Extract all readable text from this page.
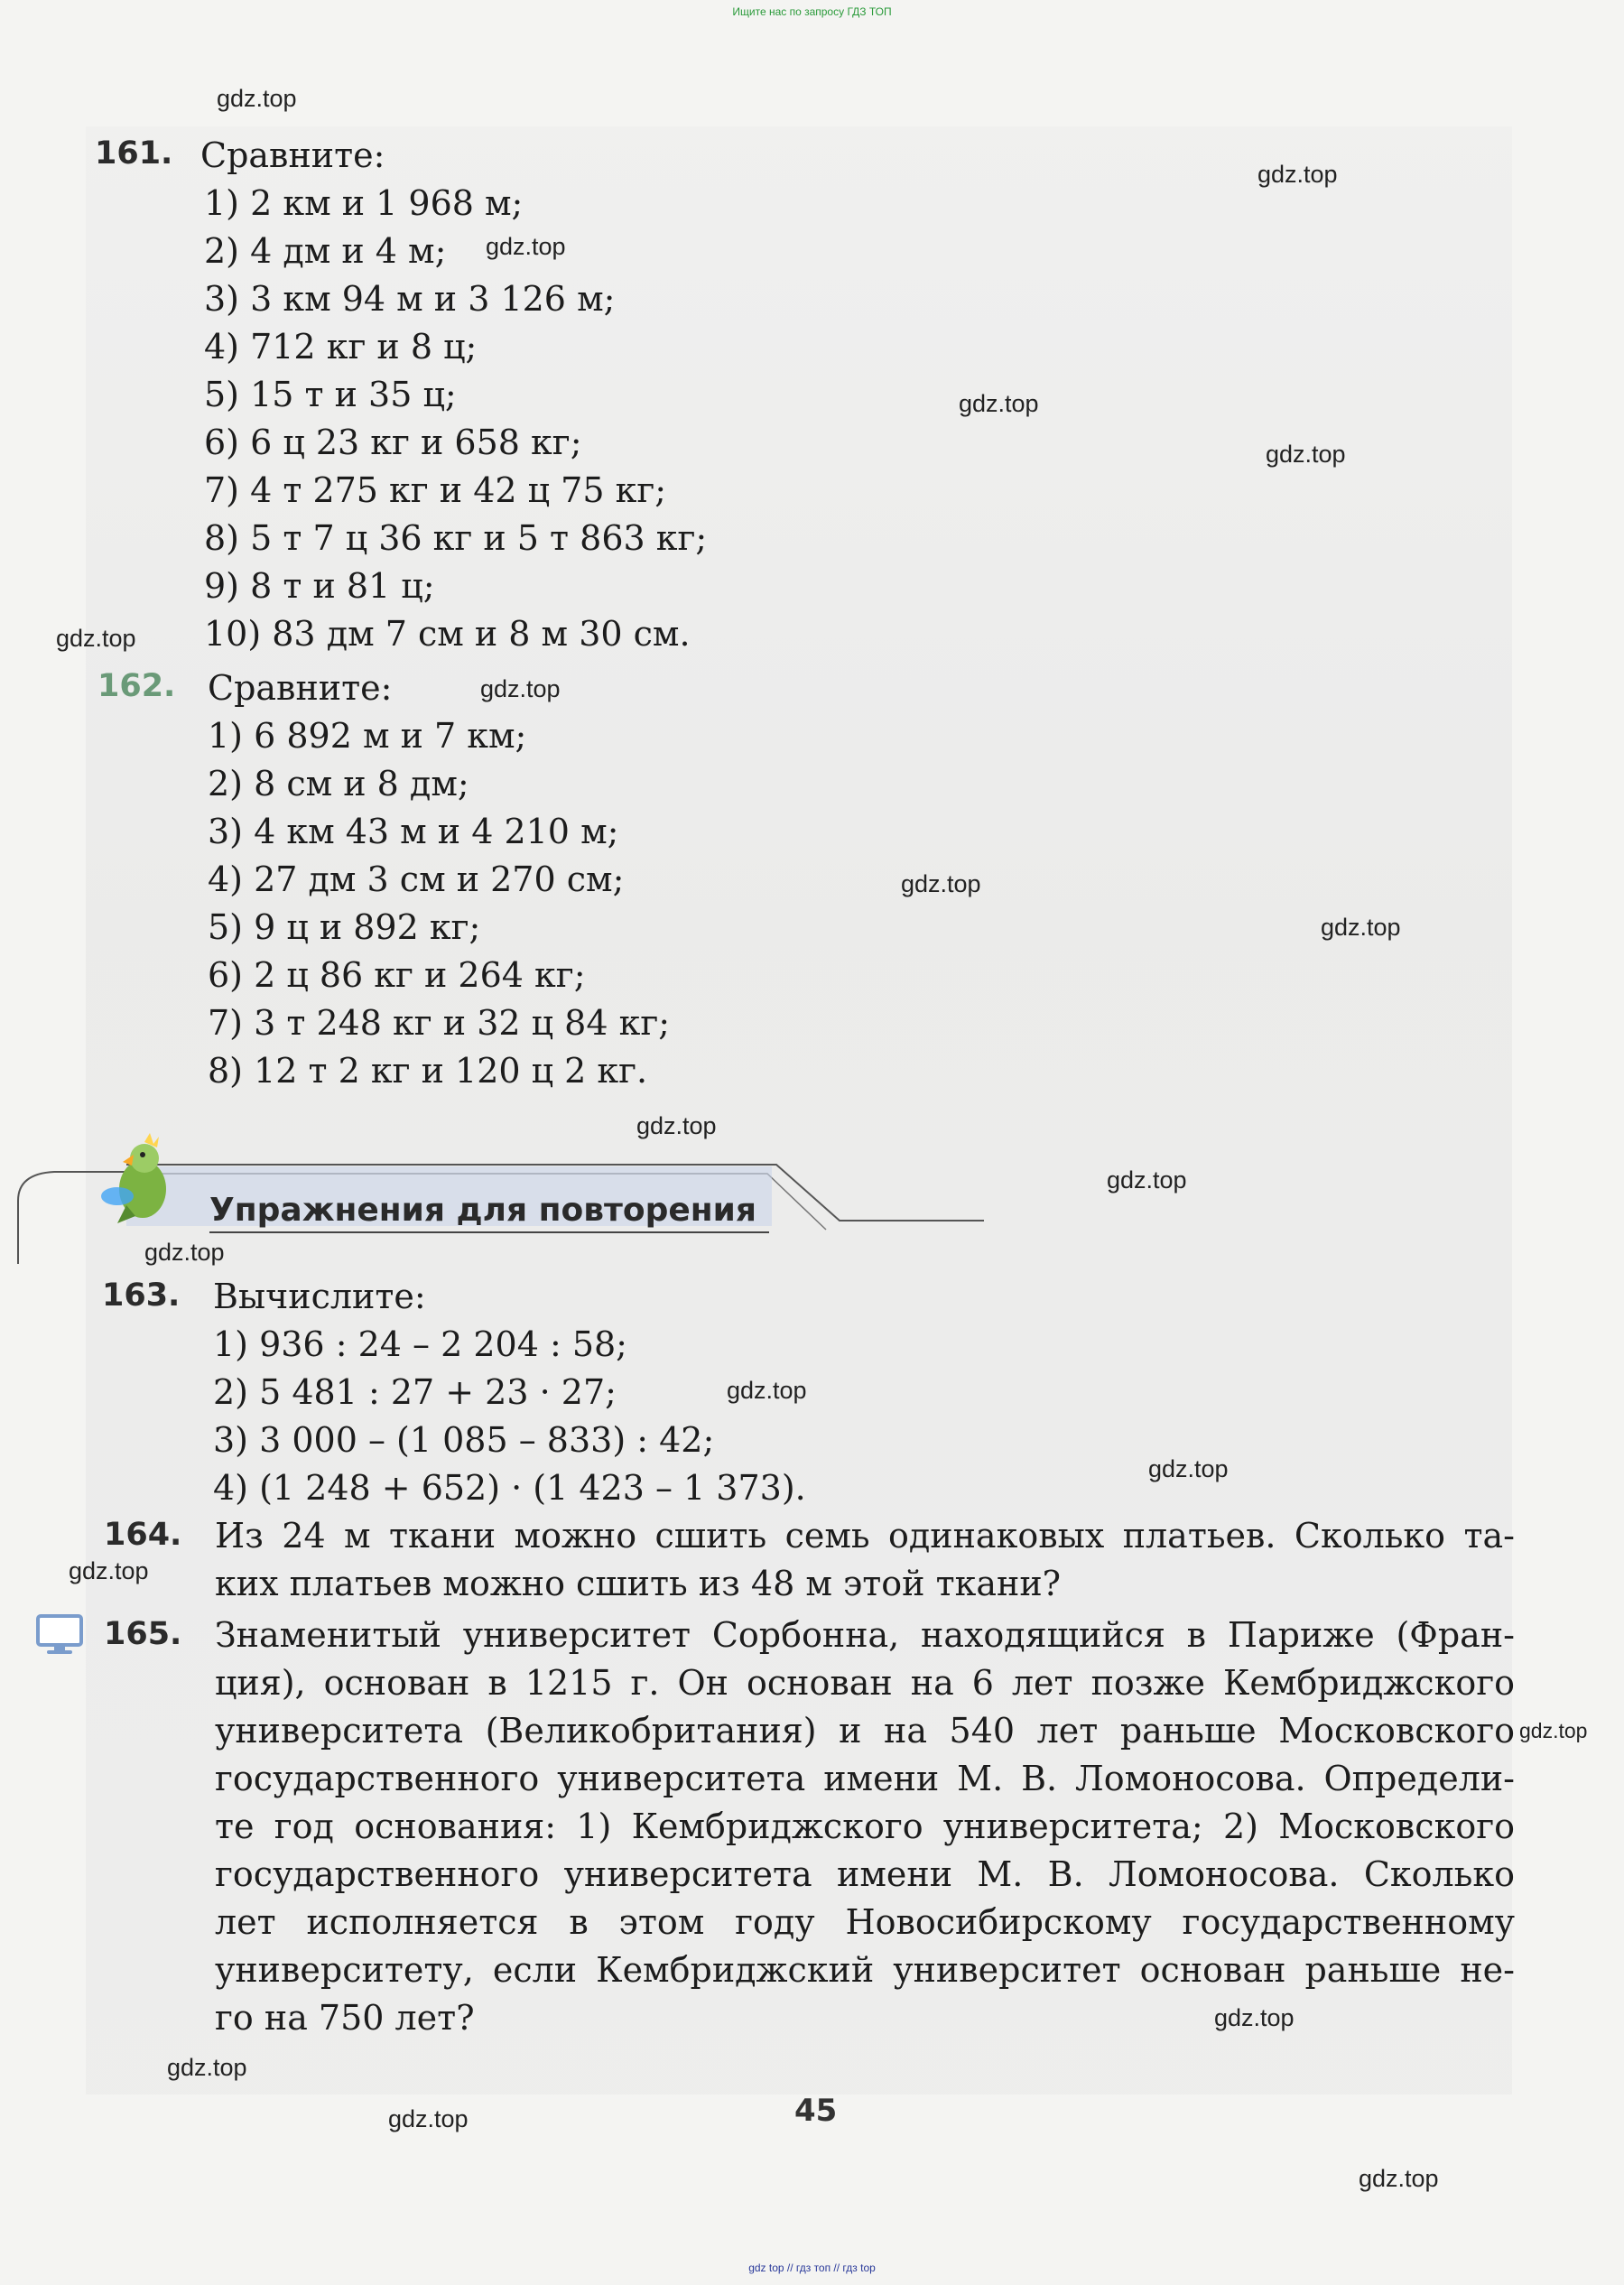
Ищите нас по запросу ГДЗ ТОП
161. Сравните:
1) 2 км и 1 968 м;
2) 4 дм и 4 м;
3) 3 км 94 м и 3 126 м;
4) 712 кг и 8 ц;
5) 15 т и 35 ц;
6) 6 ц 23 кг и 658 кг;
7) 4 т 275 кг и 42 ц 75 кг;
8) 5 т 7 ц 36 кг и 5 т 863 кг;
9) 8 т и 81 ц;
10) 83 дм 7 см и 8 м 30 см.
162. Сравните:
1) 6 892 м и 7 км;
2) 8 см и 8 дм;
3) 4 км 43 м и 4 210 м;
4) 27 дм 3 см и 270 см;
5) 9 ц и 892 кг;
6) 2 ц 86 кг и 264 кг;
7) 3 т 248 кг и 32 ц 84 кг;
8) 12 т 2 кг и 120 ц 2 кг.
Упражнения для повторения
163. Вычислите:
1) 936 : 24 – 2 204 : 58;
2) 5 481 : 27 + 23 · 27;
3) 3 000 – (1 085 – 833) : 42;
4) (1 248 + 652) · (1 423 – 1 373).
164. Из 24 м ткани можно сшить семь одинаковых платьев. Сколько та-
ких платьев можно сшить из 48 м этой ткани?
165. Знаменитый университет Сорбонна, находящийся в Париже (Фран-
ция), основан в 1215 г. Он основан на 6 лет позже Кембриджского
университета (Великобритания) и на 540 лет раньше Московского
государственного университета имени М. В. Ломоносова. Определи-
те год основания: 1) Кембриджского университета; 2) Московского
государственного университета имени М. В. Ломоносова. Сколько
лет исполняется в этом году Новосибирскому государственному
университету, если Кембриджский университет основан раньше не-
го на 750 лет?
45
gdz.top
gdz.top
gdz.top
gdz.top
gdz.top
gdz.top
gdz.top
gdz.top
gdz.top
gdz.top
gdz.top
gdz.top
gdz.top
gdz.top
gdz.top
gdz.top
gdz.top
gdz.top
gdz.top
gdz.top
gdz top // гдз топ // гдз top
